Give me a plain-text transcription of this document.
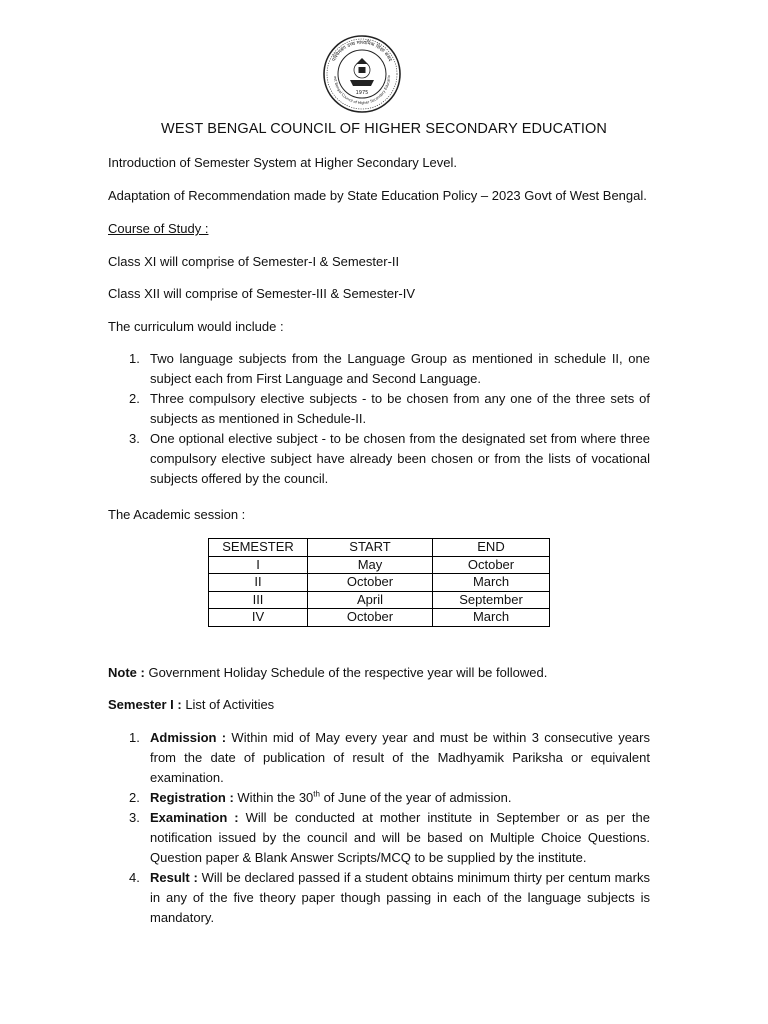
पश्चिमबंग उच्च माध्यमिक शिक्षा संसद
est Bengal Council of Higher Secondary Educatio
1975
WEST BENGAL COUNCIL OF HIGHER SECONDARY EDUCATION
Introduction of Semester System at Higher Secondary Level.
Adaptation of Recommendation made by State Education Policy – 2023 Govt of West Bengal.
Course of Study :
Class XI will comprise of Semester-I & Semester-II
Class XII will comprise of Semester-III & Semester-IV
The curriculum would include :
1. Two language subjects from the Language Group as mentioned in schedule II, one subject each from First Language and Second Language.
2. Three compulsory elective subjects - to be chosen from any one of the three sets of subjects as mentioned in Schedule-II.
3. One optional elective subject - to be chosen from the designated set from where three compulsory elective subject have already been chosen or from the lists of vocational subjects offered by the council.
The Academic session :
SEMESTER	START	END
I	May	October
II	October	March
III	April	September
IV	October	March
Note : Government Holiday Schedule of the respective year will be followed.
Semester I : List of Activities
1. Admission : Within mid of May every year and must be within 3 consecutive years from the date of publication of result of the Madhyamik Pariksha or equivalent examination.
2. Registration : Within the 30th of June of the year of admission.
3. Examination : Will be conducted at mother institute in September or as per the notification issued by the council and will be based on Multiple Choice Questions. Question paper & Blank Answer Scripts/MCQ to be supplied by the institute.
4. Result : Will be declared passed if a student obtains minimum thirty per centum marks in any of the five theory paper though passing in each of the language subjects is mandatory.
